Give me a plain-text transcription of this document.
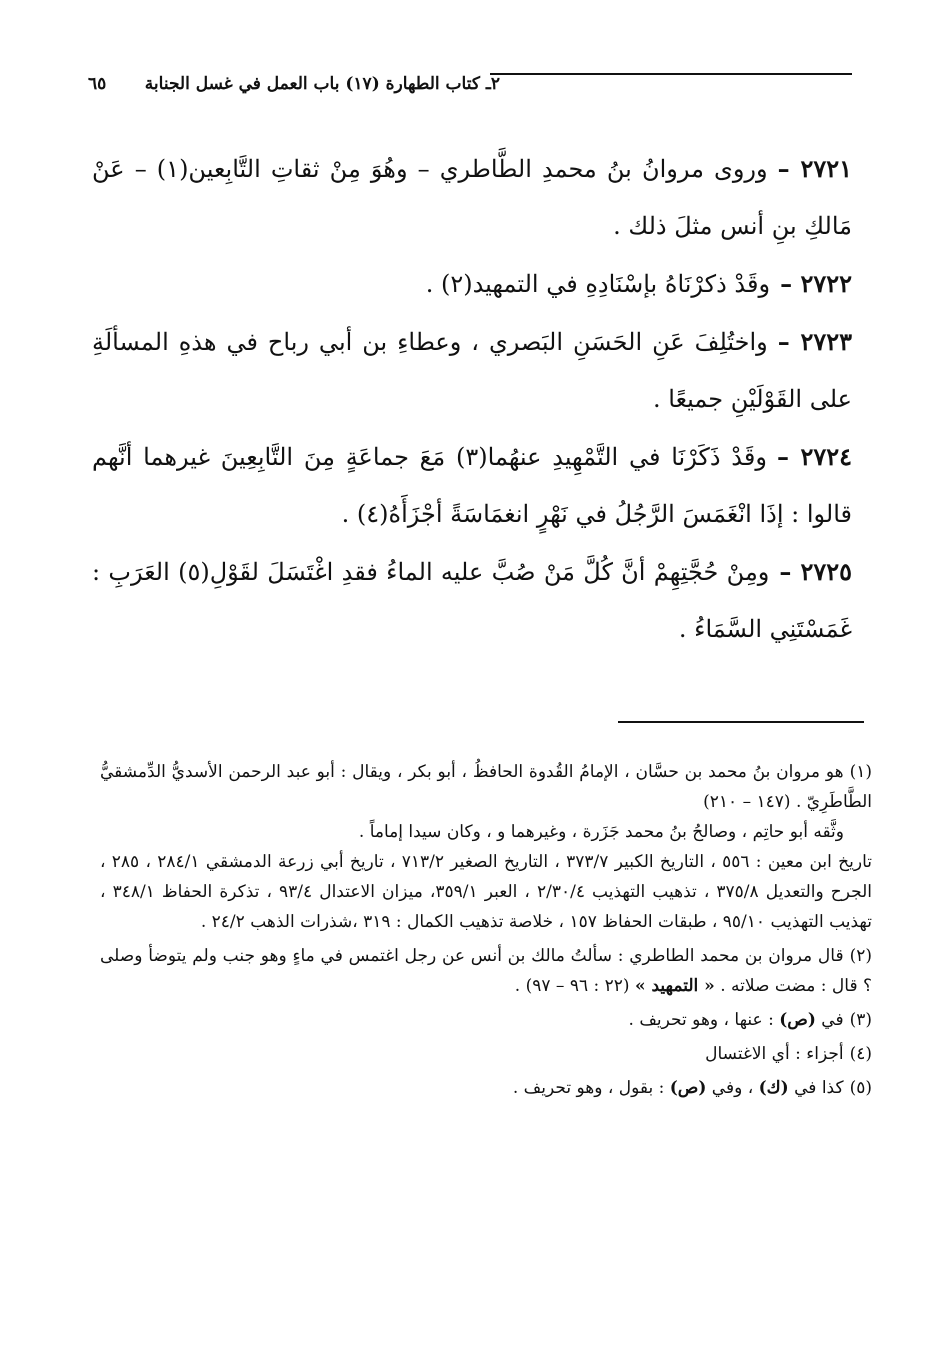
٢ـ كتاب الطهارة (١٧) باب العمل في غسل الجنابة
٦٥

٢٧٢١ –وروى مروانُ بنُ محمدِ الطَّاطري – وهُوَ مِنْ ثقاتِ التَّابِعين(١) – عَنْ مَالكِ بنِ أنس مثلَ ذلك .

٢٧٢٢ –وقَدْ ذكرْنَاهُ بإسْنَادِهِ في التمهيد(٢) .

٢٧٢٣ –واختُلِفَ عَنِ الحَسَنِ البَصري ، وعطاءِ بن أبي رباح في هذهِ المسألَةِ على القَوْلَيْنِ جميعًا .

٢٧٢٤ –وقَدْ ذَكَرْنَا في التَّمْهِيدِ عنهُما(٣) مَعَ جماعَةٍ مِنَ التَّابِعِينَ غيرهما أنَّهم قالوا : إذَا انْغَمَسَ الرَّجُلُ في نَهْرٍ انغمَاسَةً أجْزَأَهُ(٤) .

٢٧٢٥ –ومِنْ حُجَّتِهِمْ أنَّ كُلَّ مَنْ صُبَّ عليه الماءُ فقدِ اغْتَسَلَ لقَوْلِ(٥) العَرَبِ : غَمَسْتَنِي السَّمَاءُ .

(١)هو مروان بنُ محمد بن حسَّان ، الإمامُ القُدوة الحافظُ ، أبو بكر ، ويقال : أبو عبد الرحمن الأسديُّ الدِّمشقيُّ الطَّاطَرِيّ . (١٤٧ – ٢١٠)
وثَّقه أبو حاتِم ، وصالحُ بنُ محمد جَزَرة ، وغيرهما و ، وكان سيدا إماماً .
تاريخ ابن معين : ٥٥٦ ، التاريخ الكبير ٣٧٣/٧ ، التاريخ الصغير ٧١٣/٢ ، تاريخ أبي زرعة الدمشقي ٢٨٤/١ ، ٢٨٥ ، الجرح والتعديل ٣٧٥/٨ ، تذهيب التهذيب ٢/٣٠/٤ ، العبر ٣٥٩/١، ميزان الاعتدال ٩٣/٤ ، تذكرة الحفاظ ٣٤٨/١ ، تهذيب التهذيب ٩٥/١٠ ، طبقات الحفاظ ١٥٧ ، خلاصة تذهيب الكمال : ٣١٩ ،شذرات الذهب ٢٤/٢ .
(٢)قال مروان بن محمد الطاطري : سألتُ مالك بن أنس عن رجل اغتمس في ماءٍ وهو جنب ولم يتوضأ وصلى ؟ قال : مضت صلاته . « التمهيد » (٢٢ : ٩٦ – ٩٧) .
(٣)في (ص) : عنها ، وهو تحريف .
(٤)أجزاء : أي الاغتسال
(٥)كذا في (ك) ، وفي (ص) : بقول ، وهو تحريف .
